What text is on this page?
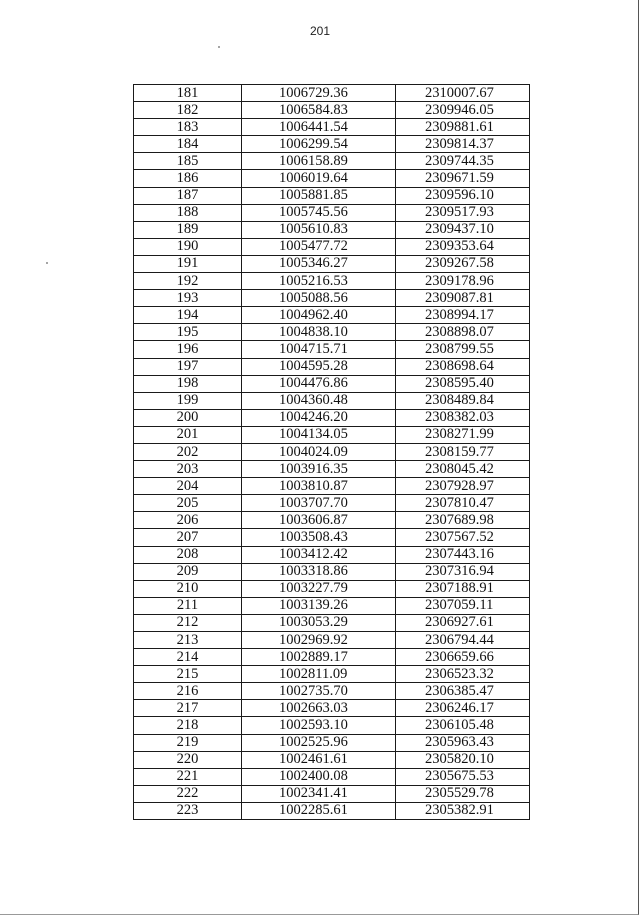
201
181	1006729.36	2310007.67
182	1006584.83	2309946.05
183	1006441.54	2309881.61
184	1006299.54	2309814.37
185	1006158.89	2309744.35
186	1006019.64	2309671.59
187	1005881.85	2309596.10
188	1005745.56	2309517.93
189	1005610.83	2309437.10
190	1005477.72	2309353.64
191	1005346.27	2309267.58
192	1005216.53	2309178.96
193	1005088.56	2309087.81
194	1004962.40	2308994.17
195	1004838.10	2308898.07
196	1004715.71	2308799.55
197	1004595.28	2308698.64
198	1004476.86	2308595.40
199	1004360.48	2308489.84
200	1004246.20	2308382.03
201	1004134.05	2308271.99
202	1004024.09	2308159.77
203	1003916.35	2308045.42
204	1003810.87	2307928.97
205	1003707.70	2307810.47
206	1003606.87	2307689.98
207	1003508.43	2307567.52
208	1003412.42	2307443.16
209	1003318.86	2307316.94
210	1003227.79	2307188.91
211	1003139.26	2307059.11
212	1003053.29	2306927.61
213	1002969.92	2306794.44
214	1002889.17	2306659.66
215	1002811.09	2306523.32
216	1002735.70	2306385.47
217	1002663.03	2306246.17
218	1002593.10	2306105.48
219	1002525.96	2305963.43
220	1002461.61	2305820.10
221	1002400.08	2305675.53
222	1002341.41	2305529.78
223	1002285.61	2305382.91
